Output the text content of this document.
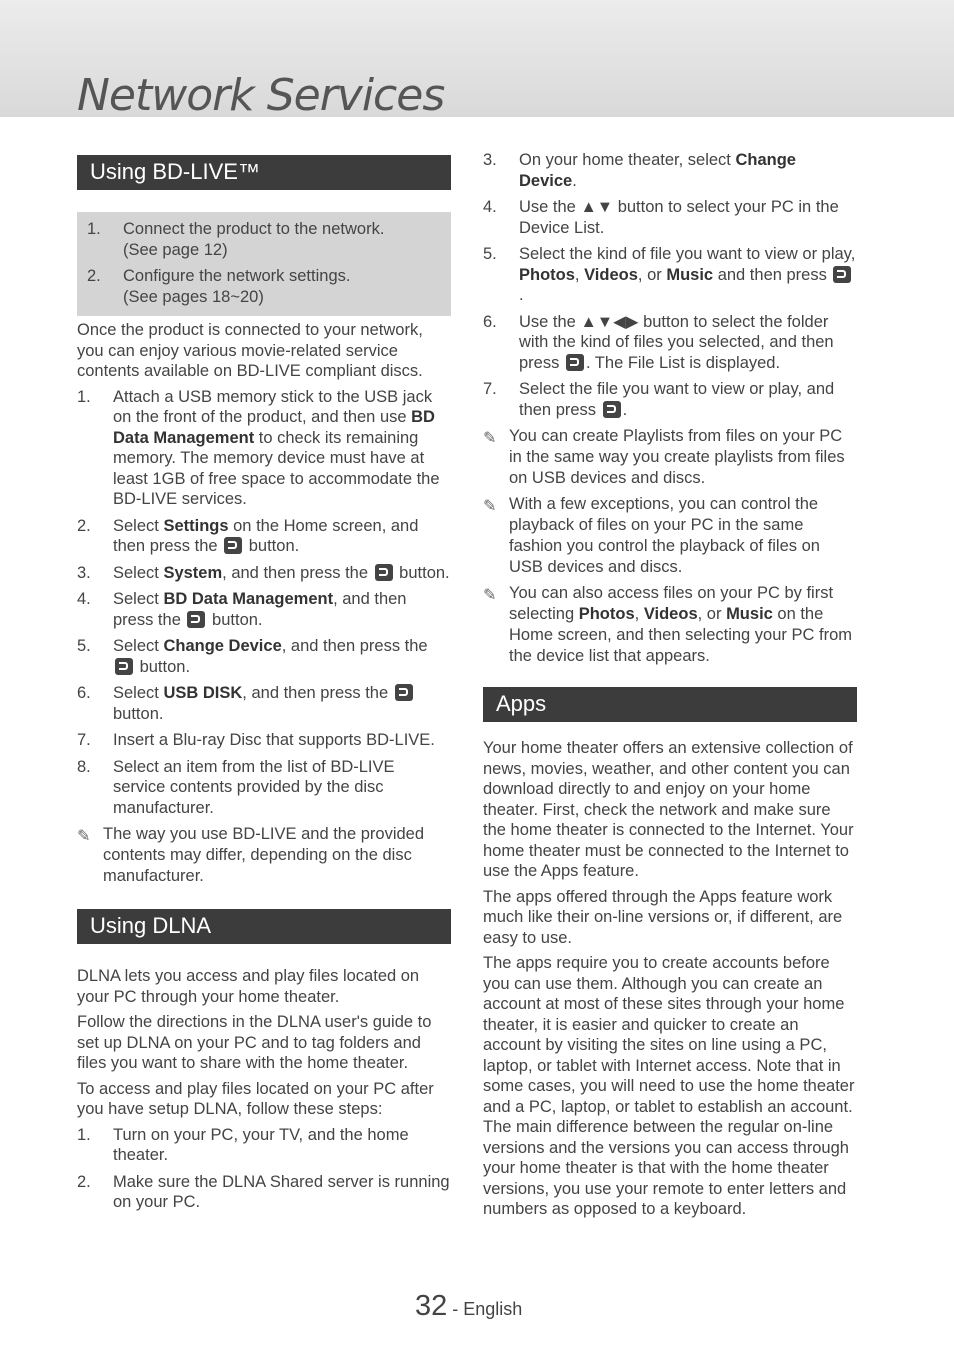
Network Services
Using BD-LIVE™
1. Connect the product to the network.
(See page 12)
2. Configure the network settings.
(See pages 18~20)

Once the product is connected to your network, you can enjoy various movie-related service contents available on BD-LIVE compliant discs.

1. Attach a USB memory stick to the USB jack on the front of the product, and then use BD Data Management to check its remaining memory. The memory device must have at least 1GB of free space to accommodate the BD-LIVE services.
2. Select Settings on the Home screen, and then press the  button.
3. Select System, and then press the  button.
4. Select BD Data Management, and then press the  button.
5. Select Change Device, and then press the  button.
6. Select USB DISK, and then press the  button.
7. Insert a Blu-ray Disc that supports BD-LIVE.
8. Select an item from the list of BD-LIVE service contents provided by the disc manufacturer.
✎ The way you use BD-LIVE and the provided contents may differ, depending on the disc manufacturer.
Using DLNA

DLNA lets you access and play files located on your PC through your home theater.

Follow the directions in the DLNA user's guide to set up DLNA on your PC and to tag folders and files you want to share with the home theater.

To access and play files located on your PC after you have setup DLNA, follow these steps:

1. Turn on your PC, your TV, and the home theater.
2. Make sure the DLNA Shared server is running on your PC.
3. On your home theater, select Change Device.
4. Use the ▲▼ button to select your PC in the Device List.
5. Select the kind of file you want to view or play, Photos, Videos, or Music and then press .
6. Use the ▲▼◀▶ button to select the folder with the kind of files you selected, and then press . The File List is displayed.
7. Select the file you want to view or play, and then press .
✎ You can create Playlists from files on your PC in the same way you create playlists from files on USB devices and discs.
✎ With a few exceptions, you can control the playback of files on your PC in the same fashion you control the playback of files on USB devices and discs.
✎ You can also access files on your PC by first selecting Photos, Videos, or Music on the Home screen, and then selecting your PC from the device list that appears.
Apps

Your home theater offers an extensive collection of news, movies, weather, and other content you can download directly to and enjoy on your home theater. First, check the network and make sure the home theater is connected to the Internet. Your home theater must be connected to the Internet to use the Apps feature.

The apps offered through the Apps feature work much like their on-line versions or, if different, are easy to use.

The apps require you to create accounts before you can use them. Although you can create an account at most of these sites through your home theater, it is easier and quicker to create an account by visiting the sites on line using a PC, laptop, or tablet with Internet access. Note that in some cases, you will need to use the home theater and a PC, laptop, or tablet to establish an account. The main difference between the regular on-line versions and the versions you can access through your home theater is that with the home theater versions, you use your remote to enter letters and numbers as opposed to a keyboard.

32 - English
